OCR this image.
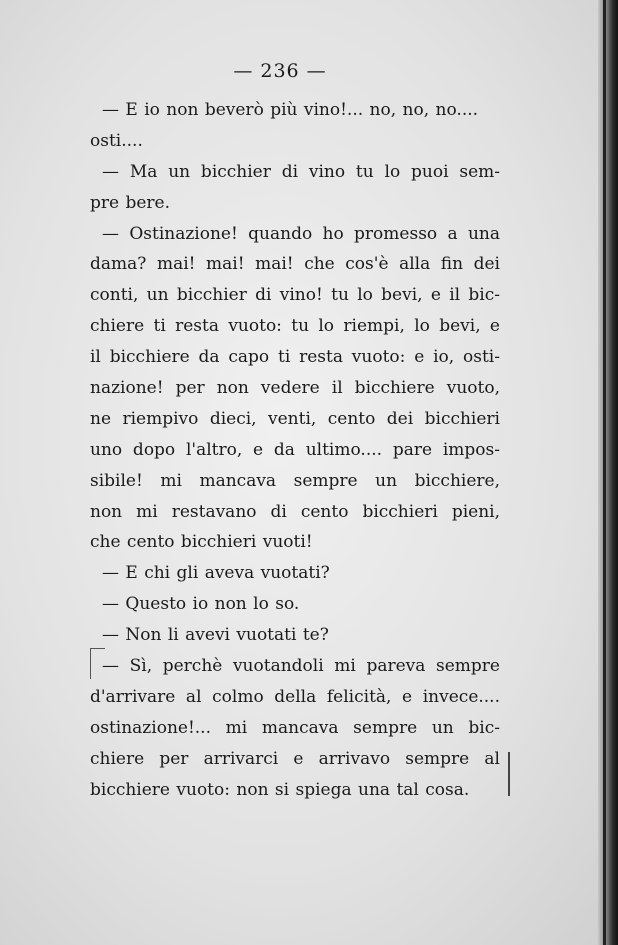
— 236 —
— E io non beverò più vino!... no, no, no....
osti....
— Ma un bicchier di vino tu lo puoi sem-
pre bere.
— Ostinazione! quando ho promesso a una
dama? mai! mai! mai! che cos'è alla fin dei
conti, un bicchier di vino! tu lo bevi, e il bic-
chiere ti resta vuoto: tu lo riempi, lo bevi, e
il bicchiere da capo ti resta vuoto: e io, osti-
nazione! per non vedere il bicchiere vuoto,
ne riempivo dieci, venti, cento dei bicchieri
uno dopo l'altro, e da ultimo.... pare impos-
sibile! mi mancava sempre un bicchiere,
non mi restavano di cento bicchieri pieni,
che cento bicchieri vuoti!
— E chi gli aveva vuotati?
— Questo io non lo so.
— Non li avevi vuotati te?
— Sì, perchè vuotandoli mi pareva sempre
d'arrivare al colmo della felicità, e invece....
ostinazione!... mi mancava sempre un bic-
chiere per arrivarci e arrivavo sempre al
bicchiere vuoto: non si spiega una tal cosa.
